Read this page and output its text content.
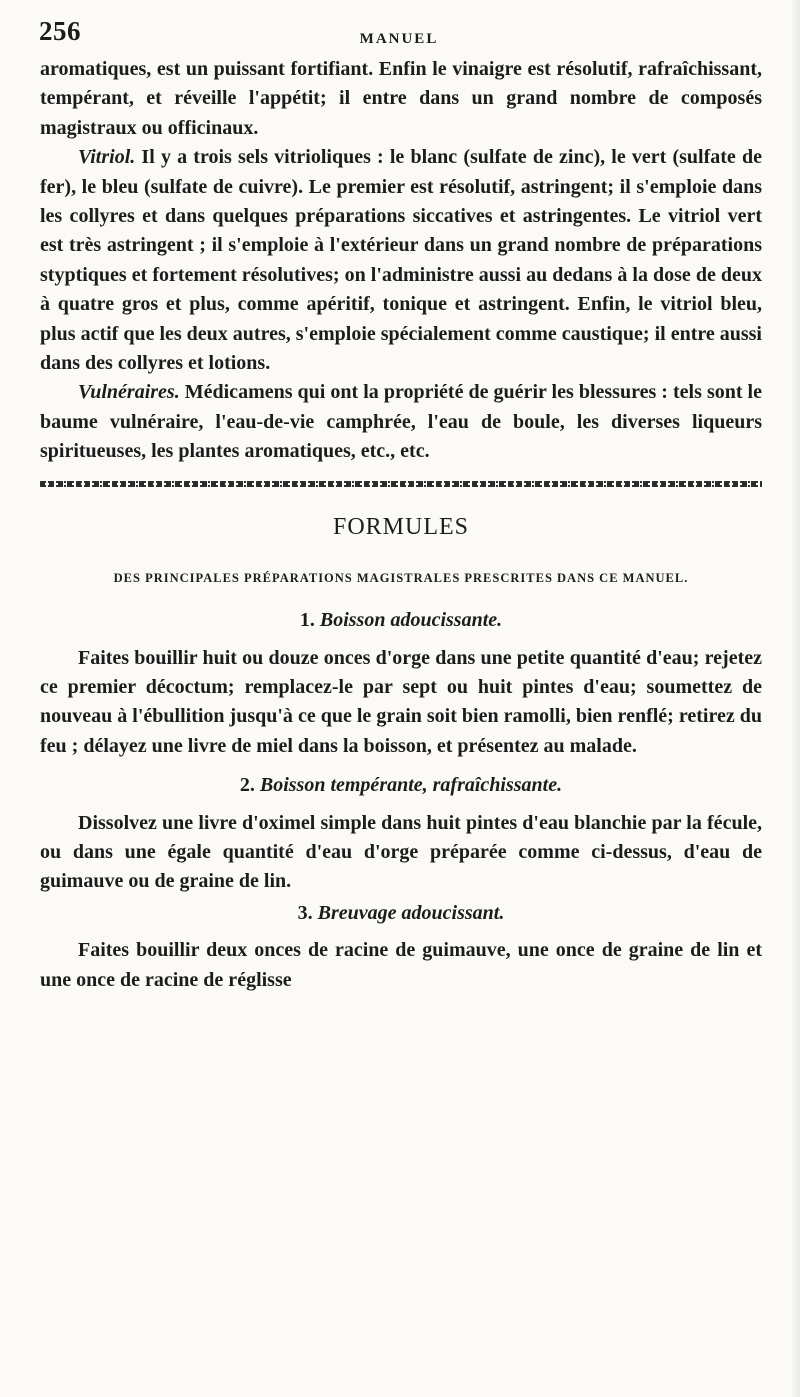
256	MANUEL

aromatiques, est un puissant fortifiant. Enfin le vinaigre est résolutif, rafraîchissant, tempérant, et réveille l'appétit; il entre dans un grand nombre de composés magistraux ou officinaux.

Vitriol. Il y a trois sels vitrioliques : le blanc (sulfate de zinc), le vert (sulfate de fer), le bleu (sulfate de cuivre). Le premier est résolutif, astringent; il s'emploie dans les collyres et dans quelques préparations siccatives et astringentes. Le vitriol vert est très astringent ; il s'emploie à l'extérieur dans un grand nombre de préparations styptiques et fortement résolutives; on l'administre aussi au dedans à la dose de deux à quatre gros et plus, comme apéritif, tonique et astringent. Enfin, le vitriol bleu, plus actif que les deux autres, s'emploie spécialement comme caustique; il entre aussi dans des collyres et lotions.

Vulnéraires. Médicamens qui ont la propriété de guérir les blessures : tels sont le baume vulnéraire, l'eau-de-vie camphrée, l'eau de boule, les diverses liqueurs spiritueuses, les plantes aromatiques, etc., etc.

FORMULES
DES PRINCIPALES PRÉPARATIONS MAGISTRALES PRESCRITES DANS CE MANUEL.
1. Boisson adoucissante.

Faites bouillir huit ou douze onces d'orge dans une petite quantité d'eau; rejetez ce premier décoctum; remplacez-le par sept ou huit pintes d'eau; soumettez de nouveau à l'ébullition jusqu'à ce que le grain soit bien ramolli, bien renflé; retirez du feu ; délayez une livre de miel dans la boisson, et présentez au malade.

2. Boisson tempérante, rafraîchissante.

Dissolvez une livre d'oximel simple dans huit pintes d'eau blanchie par la fécule, ou dans une égale quantité d'eau d'orge préparée comme ci-dessus, d'eau de guimauve ou de graine de lin.

3. Breuvage adoucissant.

Faites bouillir deux onces de racine de guimauve, une once de graine de lin et une once de racine de réglisse
